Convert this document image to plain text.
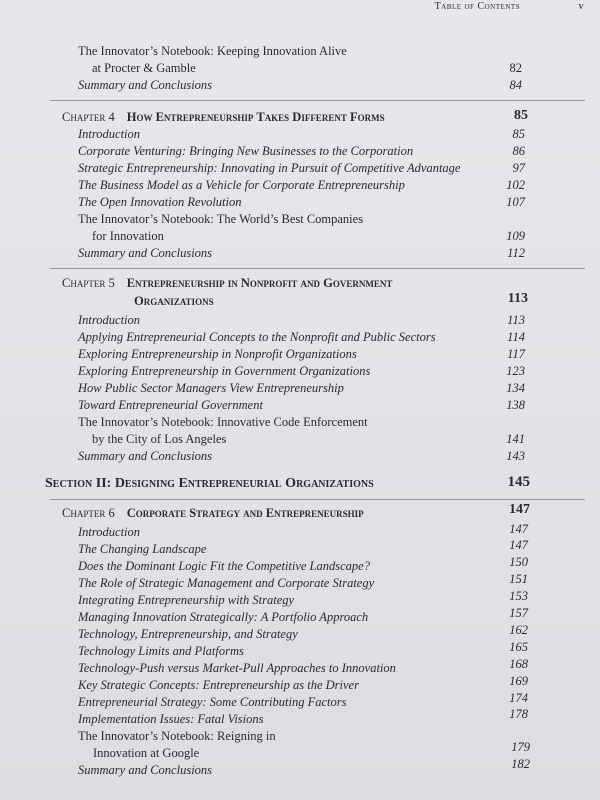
Table of Contents	v

The Innovator’s Notebook: Keeping Innovation Alive
at Procter & Gamble	82
Summary and Conclusions	84
Chapter 4 How Entrepreneurship Takes Different Forms	85
Introduction	85
Corporate Venturing: Bringing New Businesses to the Corporation	86
Strategic Entrepreneurship: Innovating in Pursuit of Competitive Advantage	97
The Business Model as a Vehicle for Corporate Entrepreneurship	102
The Open Innovation Revolution	107
The Innovator’s Notebook: The World’s Best Companies
for Innovation	109
Summary and Conclusions	112
Chapter 5 Entrepreneurship in Nonprofit and Government
Organizations	113
Introduction	113
Applying Entrepreneurial Concepts to the Nonprofit and Public Sectors	114
Exploring Entrepreneurship in Nonprofit Organizations	117
Exploring Entrepreneurship in Government Organizations	123
How Public Sector Managers View Entrepreneurship	134
Toward Entrepreneurial Government	138
The Innovator’s Notebook: Innovative Code Enforcement
by the City of Los Angeles	141
Summary and Conclusions	143
Section II: Designing Entrepreneurial Organizations	145
Chapter 6 Corporate Strategy and Entrepreneurship	147
Introduction	147
The Changing Landscape	147
Does the Dominant Logic Fit the Competitive Landscape?	150
The Role of Strategic Management and Corporate Strategy	151
Integrating Entrepreneurship with Strategy	153
Managing Innovation Strategically: A Portfolio Approach	157
Technology, Entrepreneurship, and Strategy	162
Technology Limits and Platforms	165
Technology-Push versus Market-Pull Approaches to Innovation	168
Key Strategic Concepts: Entrepreneurship as the Driver	169
Entrepreneurial Strategy: Some Contributing Factors	174
Implementation Issues: Fatal Visions	178
The Innovator’s Notebook: Reigning in
Innovation at Google	179
Summary and Conclusions	182
